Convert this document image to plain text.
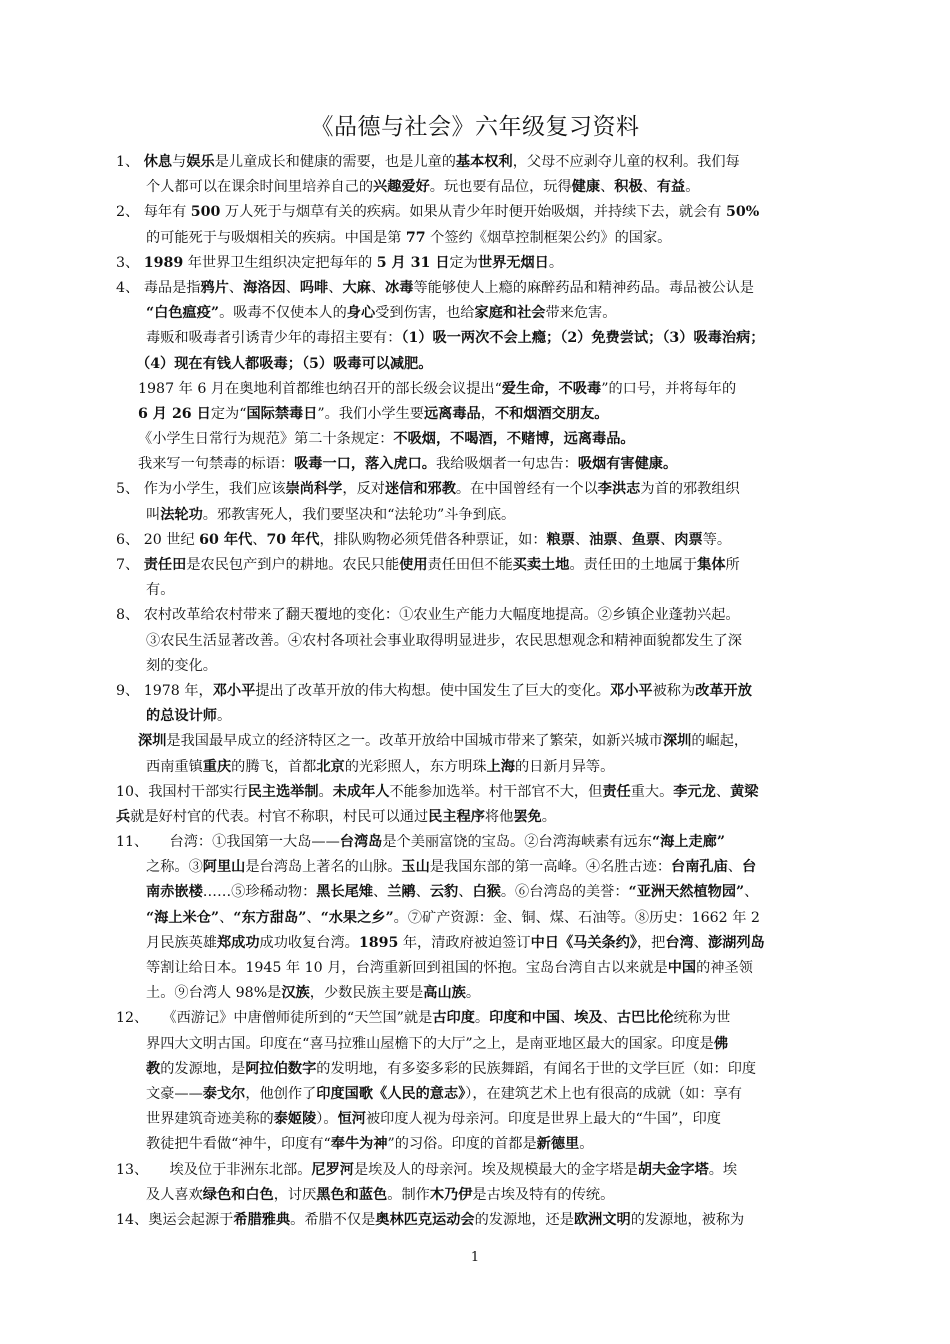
《品德与社会》六年级复习资料
1、 休息与娱乐是儿童成长和健康的需要，也是儿童的基本权利，父母不应剥夺儿童的权利。我们每
个人都可以在课余时间里培养自己的兴趣爱好。玩也要有品位，玩得健康、积极、有益。
2、 每年有 500 万人死于与烟草有关的疾病。如果从青少年时便开始吸烟，并持续下去，就会有 50%
的可能死于与吸烟相关的疾病。中国是第 77 个签约《烟草控制框架公约》的国家。
3、 1989 年世界卫生组织决定把每年的 5 月 31 日定为世界无烟日。
4、 毒品是指鸦片、海洛因、吗啡、大麻、冰毒等能够使人上瘾的麻醉药品和精神药品。毒品被公认是
“白色瘟疫”。吸毒不仅使本人的身心受到伤害，也给家庭和社会带来危害。
毒贩和吸毒者引诱青少年的毒招主要有：（1）吸一两次不会上瘾；（2）免费尝试；（3）吸毒治病；
（4）现在有钱人都吸毒；（5）吸毒可以减肥。
1987 年 6 月在奥地利首都维也纳召开的部长级会议提出“爱生命，不吸毒”的口号，并将每年的
6 月 26 日定为“国际禁毒日”。我们小学生要远离毒品，不和烟酒交朋友。
《小学生日常行为规范》第二十条规定：不吸烟，不喝酒，不赌博，远离毒品。
我来写一句禁毒的标语：吸毒一口，落入虎口。我给吸烟者一句忠告：吸烟有害健康。
5、 作为小学生，我们应该崇尚科学，反对迷信和邪教。在中国曾经有一个以李洪志为首的邪教组织
叫法轮功。邪教害死人，我们要坚决和“法轮功”斗争到底。
6、 20 世纪 60 年代、70 年代，排队购物必须凭借各种票证，如：粮票、油票、鱼票、肉票等。
7、 责任田是农民包产到户的耕地。农民只能使用责任田但不能买卖土地。责任田的土地属于集体所
有。
8、 农村改革给农村带来了翻天覆地的变化：①农业生产能力大幅度地提高。②乡镇企业蓬勃兴起。
③农民生活显著改善。④农村各项社会事业取得明显进步，农民思想观念和精神面貌都发生了深
刻的变化。
9、 1978 年，邓小平提出了改革开放的伟大构想。使中国发生了巨大的变化。邓小平被称为改革开放
的总设计师。
深圳是我国最早成立的经济特区之一。改革开放给中国城市带来了繁荣，如新兴城市深圳的崛起，
西南重镇重庆的腾飞，首都北京的光彩照人，东方明珠上海的日新月异等。
10、我国村干部实行民主选举制。未成年人不能参加选举。村干部官不大，但责任重大。李元龙、黄梁
兵就是好村官的代表。村官不称职，村民可以通过民主程序将他罢免。
11、　　台湾：①我国第一大岛——台湾岛是个美丽富饶的宝岛。②台湾海峡素有远东“海上走廊”
之称。③阿里山是台湾岛上著名的山脉。玉山是我国东部的第一高峰。④名胜古迹：台南孔庙、台
南赤嵌楼……⑤珍稀动物：黑长尾雉、兰鹇、云豹、白猴。⑥台湾岛的美誉：“亚洲天然植物园”、
“海上米仓”、“东方甜岛”、“水果之乡”。⑦矿产资源：金、铜、煤、石油等。⑧历史：1662 年 2
月民族英雄郑成功成功收复台湾。1895 年，清政府被迫签订中日《马关条约》，把台湾、澎湖列岛
等割让给日本。1945 年 10 月，台湾重新回到祖国的怀抱。宝岛台湾自古以来就是中国的神圣领
土。⑨台湾人 98%是汉族，少数民族主要是高山族。
12、　　《西游记》中唐僧师徒所到的“天竺国”就是古印度。印度和中国、埃及、古巴比伦统称为世
界四大文明古国。印度在“喜马拉雅山屋檐下的大厅”之上，是南亚地区最大的国家。印度是佛
教的发源地，是阿拉伯数字的发明地，有多姿多彩的民族舞蹈，有闻名于世的文学巨匠（如：印度
文豪——泰戈尔，他创作了印度国歌《人民的意志》），在建筑艺术上也有很高的成就（如：享有
世界建筑奇迹美称的泰姬陵）。恒河被印度人视为母亲河。印度是世界上最大的“牛国”，印度
教徒把牛看做“神牛，印度有“奉牛为神”的习俗。印度的首都是新德里。
13、　　埃及位于非洲东北部。尼罗河是埃及人的母亲河。埃及规模最大的金字塔是胡夫金字塔。埃
及人喜欢绿色和白色，讨厌黑色和蓝色。制作木乃伊是古埃及特有的传统。
14、奥运会起源于希腊雅典。希腊不仅是奥林匹克运动会的发源地，还是欧洲文明的发源地，被称为
1
